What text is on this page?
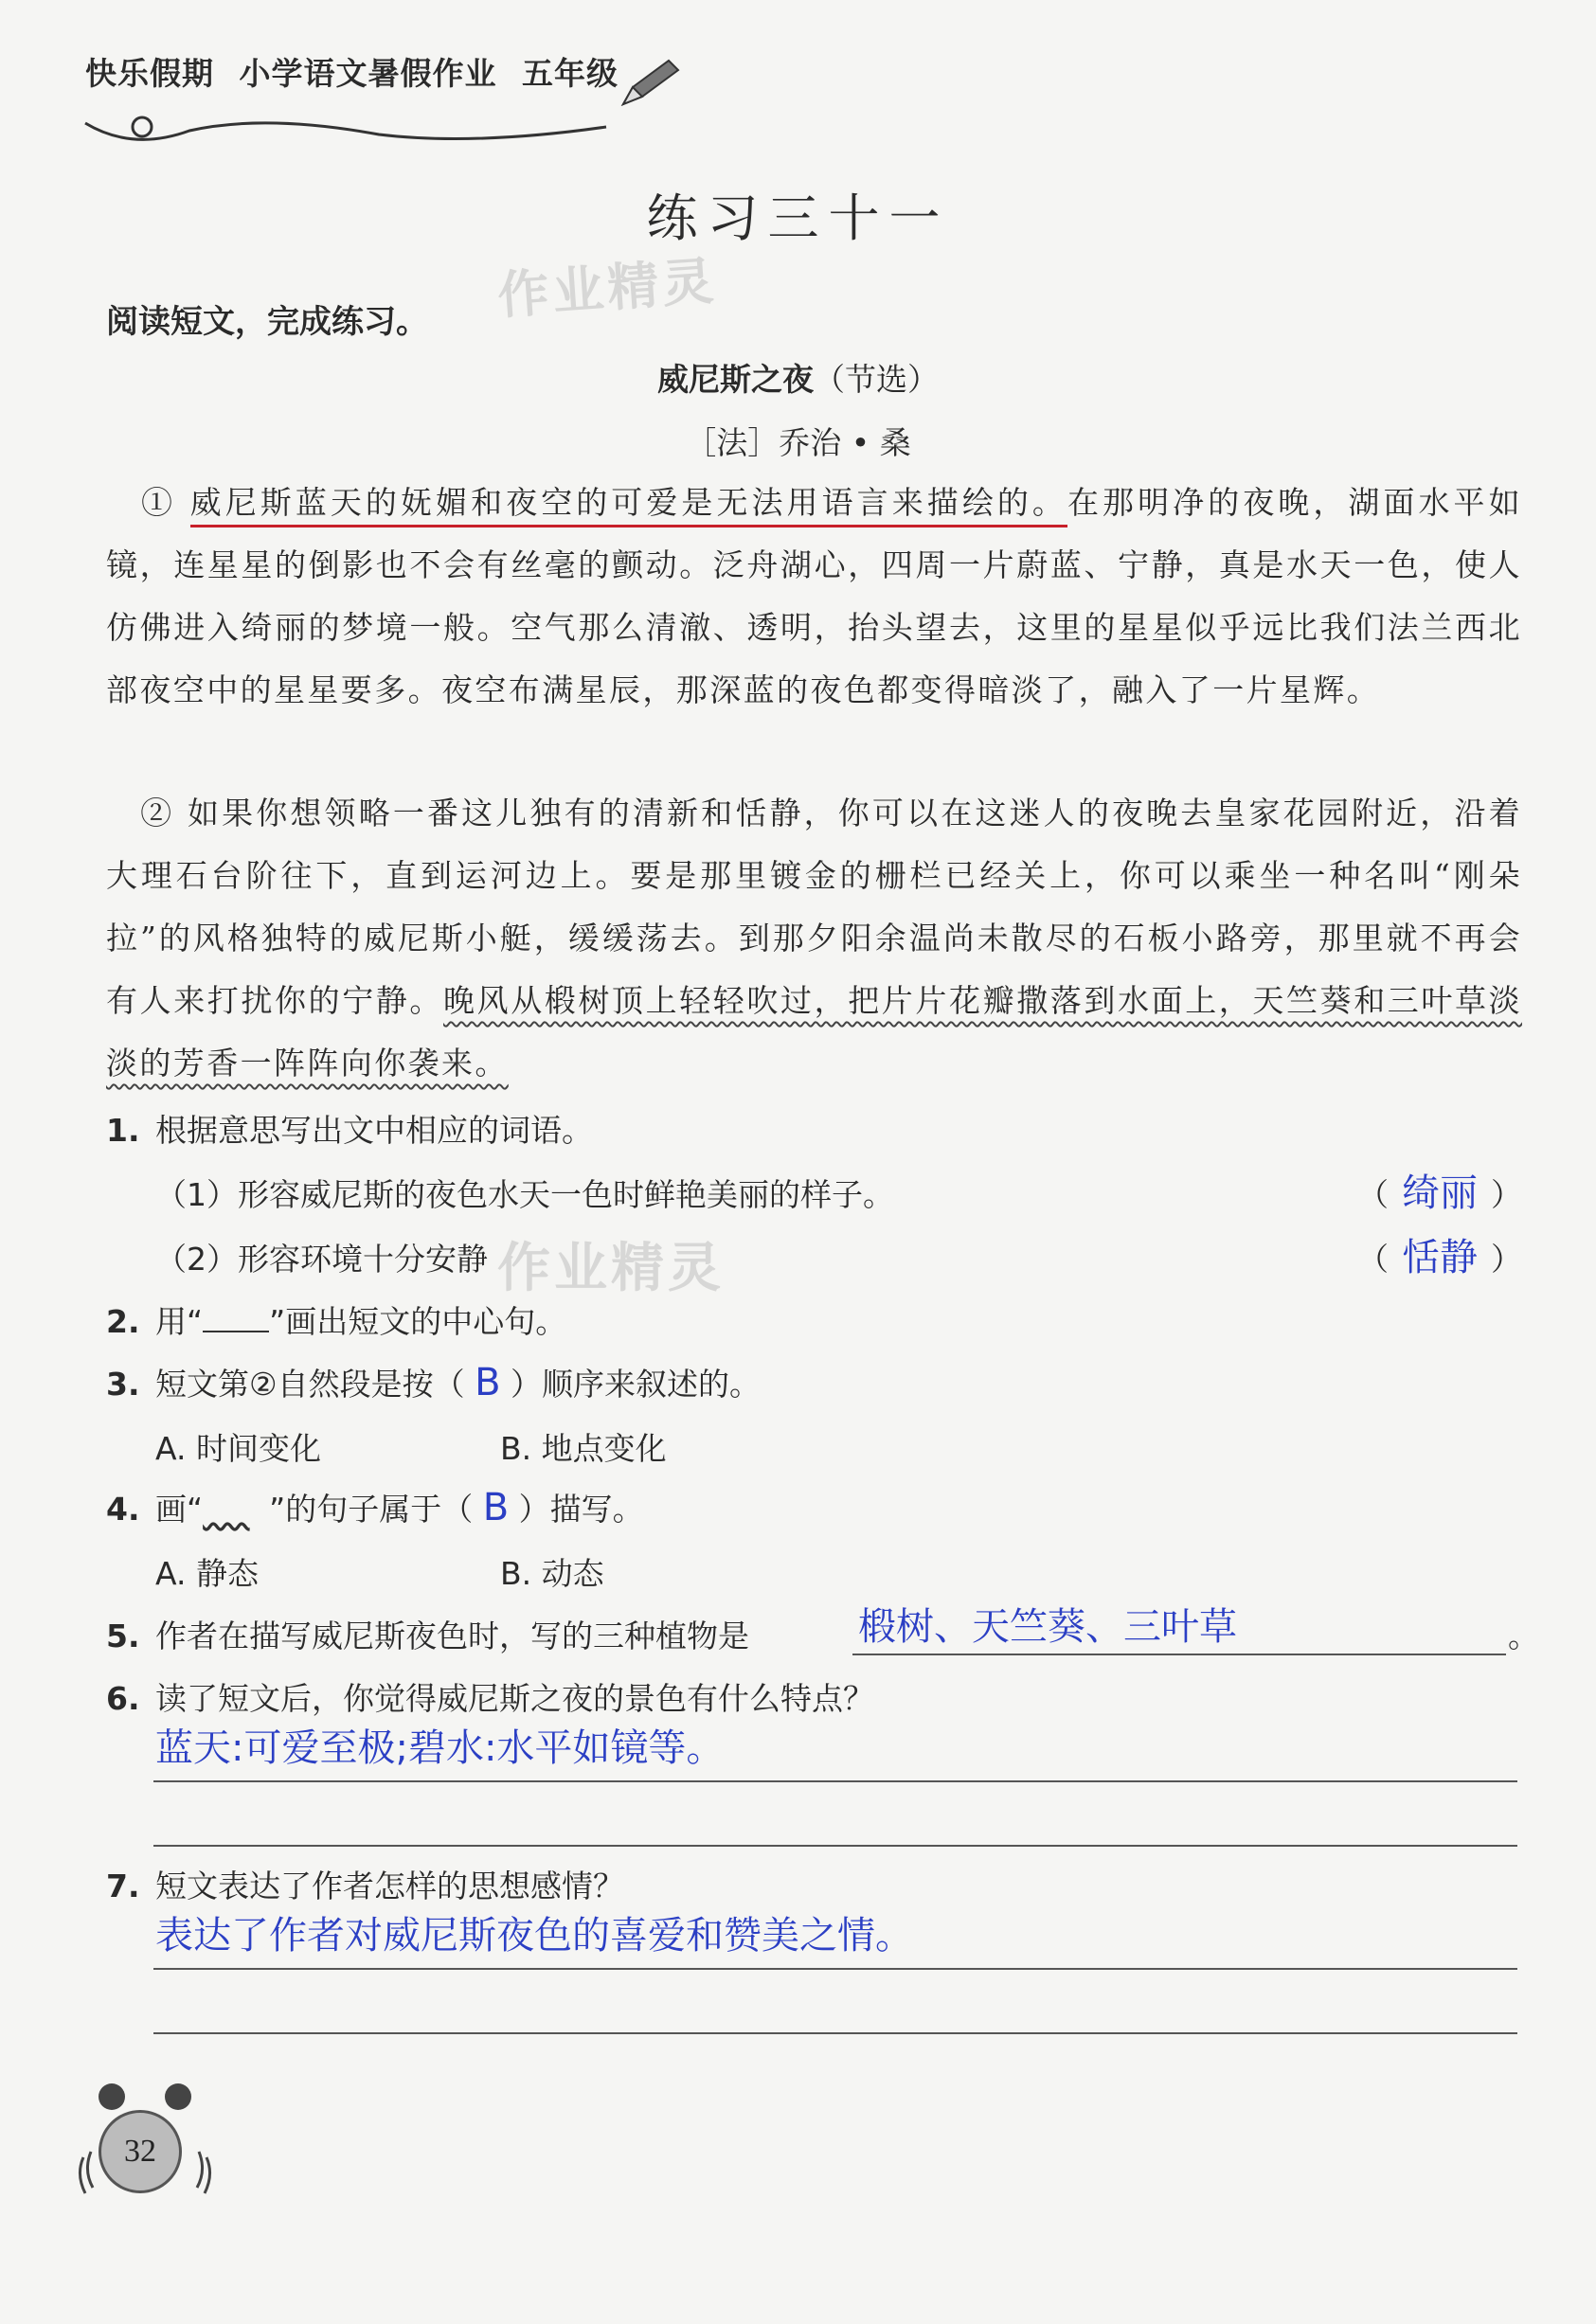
快乐假期 小学语文暑假作业 五年级
练习三十一
作业精灵
作业精灵
阅读短文，完成练习。
威尼斯之夜（节选）
［法］乔治 • 桑
 ① 威尼斯蓝天的妩媚和夜空的可爱是无法用语言来描绘的。在那明净的夜晚，湖面水平如镜，连星星的倒影也不会有丝毫的颤动。泛舟湖心，四周一片蔚蓝、宁静，真是水天一色，使人仿佛进入绮丽的梦境一般。空气那么清澈、透明，抬头望去，这里的星星似乎远比我们法兰西北部夜空中的星星要多。夜空布满星辰，那深蓝的夜色都变得暗淡了，融入了一片星辉。
 ② 如果你想领略一番这儿独有的清新和恬静，你可以在这迷人的夜晚去皇家花园附近，沿着大理石台阶往下，直到运河边上。要是那里镀金的栅栏已经关上，你可以乘坐一种名叫“刚朵拉”的风格独特的威尼斯小艇，缓缓荡去。到那夕阳余温尚未散尽的石板小路旁，那里就不再会有人来打扰你的宁静。晚风从椴树顶上轻轻吹过，把片片花瓣撒落到水面上，天竺葵和三叶草淡淡的芳香一阵阵向你袭来。
1. 根据意思写出文中相应的词语。
（1）形容威尼斯的夜色水天一色时鲜艳美丽的样子。	（ 绮丽 ）
（2）形容环境十分安静	（ 恬静 ）
2. 用“ ”画出短文的中心句。
3. 短文第②自然段是按（ B ）顺序来叙述的。
A. 时间变化	B. 地点变化
4. 画“   ”的句子属于（ B ）描写。
A. 静态	B. 动态
5. 作者在描写威尼斯夜色时，写的三种植物是	椴树、天竺葵、三叶草	。
6. 读了短文后，你觉得威尼斯之夜的景色有什么特点？
蓝天:可爱至极;碧水:水平如镜等。
7. 短文表达了作者怎样的思想感情？
表达了作者对威尼斯夜色的喜爱和赞美之情。
32
